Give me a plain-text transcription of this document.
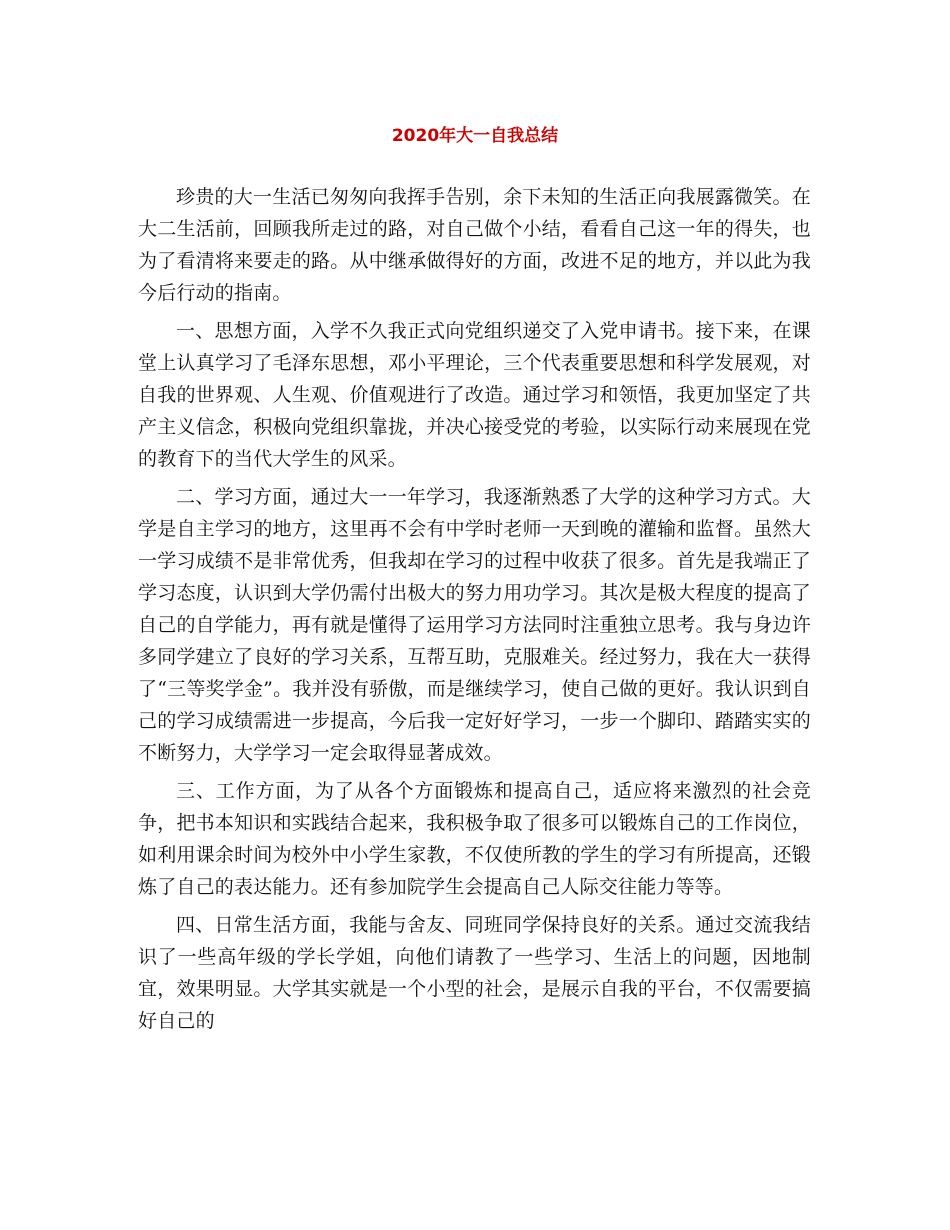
2020年大一自我总结

珍贵的大一生活已匆匆向我挥手告别，余下未知的生活正向我展露微笑。在大二生活前，回顾我所走过的路，对自己做个小结，看看自己这一年的得失，也为了看清将来要走的路。从中继承做得好的方面，改进不足的地方，并以此为我今后行动的指南。

一、思想方面，入学不久我正式向党组织递交了入党申请书。接下来，在课堂上认真学习了毛泽东思想，邓小平理论，三个代表重要思想和科学发展观，对自我的世界观、人生观、价值观进行了改造。通过学习和领悟，我更加坚定了共产主义信念，积极向党组织靠拢，并决心接受党的考验，以实际行动来展现在党的教育下的当代大学生的风采。

二、学习方面，通过大一一年学习，我逐渐熟悉了大学的这种学习方式。大学是自主学习的地方，这里再不会有中学时老师一天到晚的灌输和监督。虽然大一学习成绩不是非常优秀，但我却在学习的过程中收获了很多。首先是我端正了学习态度，认识到大学仍需付出极大的努力用功学习。其次是极大程度的提高了自己的自学能力，再有就是懂得了运用学习方法同时注重独立思考。我与身边许多同学建立了良好的学习关系，互帮互助，克服难关。经过努力，我在大一获得了“三等奖学金”。我并没有骄傲，而是继续学习，使自己做的更好。我认识到自己的学习成绩需进一步提高，今后我一定好好学习，一步一个脚印、踏踏实实的不断努力，大学学习一定会取得显著成效。

三、工作方面，为了从各个方面锻炼和提高自己，适应将来激烈的社会竞争，把书本知识和实践结合起来，我积极争取了很多可以锻炼自己的工作岗位，如利用课余时间为校外中小学生家教，不仅使所教的学生的学习有所提高，还锻炼了自己的表达能力。还有参加院学生会提高自己人际交往能力等等。

四、日常生活方面，我能与舍友、同班同学保持良好的关系。通过交流我结识了一些高年级的学长学姐，向他们请教了一些学习、生活上的问题，因地制宜，效果明显。大学其实就是一个小型的社会，是展示自我的平台，不仅需要搞好自己的
